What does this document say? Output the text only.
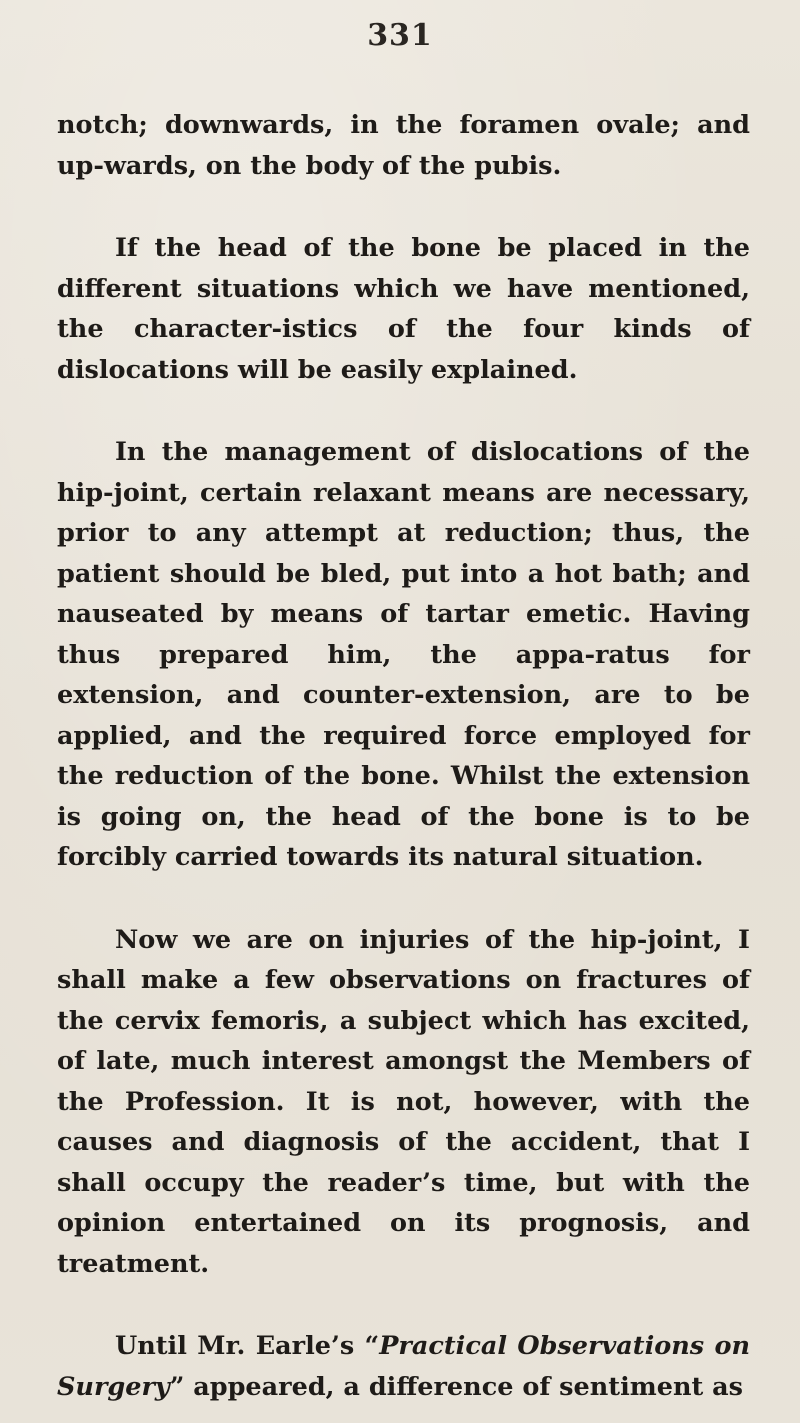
331

notch; downwards, in the foramen ovale; and up-wards, on the body of the pubis.

If the head of the bone be placed in the different situations which we have mentioned, the character-istics of the four kinds of dislocations will be easily explained.

In the management of dislocations of the hip-joint, certain relaxant means are necessary, prior to any attempt at reduction; thus, the patient should be bled, put into a hot bath; and nauseated by means of tartar emetic. Having thus prepared him, the appa-ratus for extension, and counter-extension, are to be applied, and the required force employed for the reduction of the bone. Whilst the extension is going on, the head of the bone is to be forcibly carried towards its natural situation.

Now we are on injuries of the hip-joint, I shall make a few observations on fractures of the cervix femoris, a subject which has excited, of late, much interest amongst the Members of the Profession. It is not, however, with the causes and diagnosis of the accident, that I shall occupy the reader’s time, but with the opinion entertained on its prognosis, and treatment.

Until Mr. Earle’s “Practical Observations on Surgery” appeared, a difference of sentiment as
